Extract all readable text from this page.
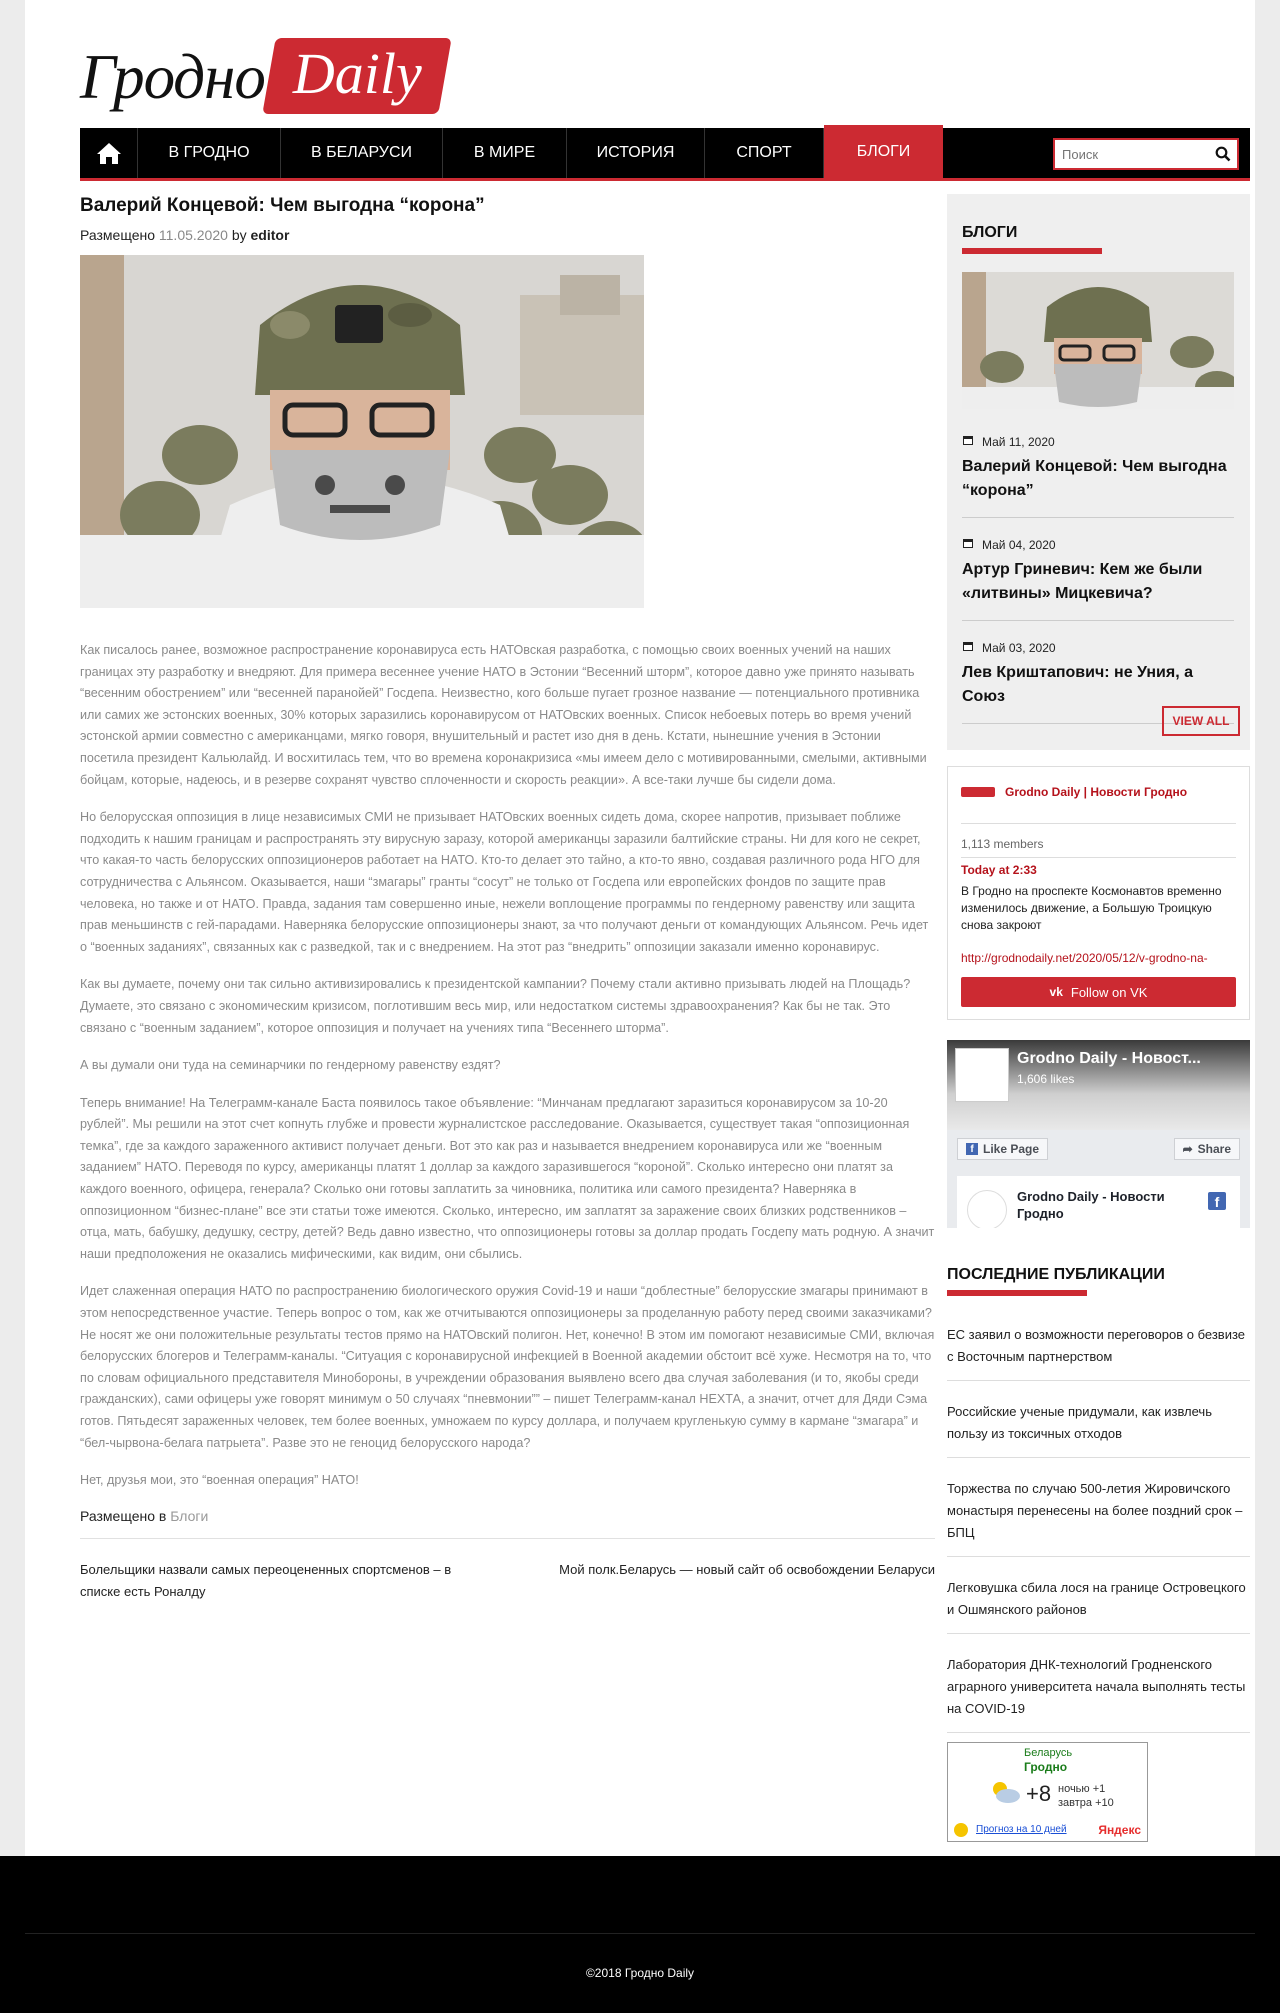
Гродно Daily
В ГРОДНО	В БЕЛАРУСИ	В МИРЕ	ИСТОРИЯ	СПОРТ	БЛОГИ
Поиск
Валерий Концевой: Чем выгодна “корона”
Размещено 11.05.2020 by editor

Как писалось ранее, возможное распространение коронавируса есть НАТОвская разработка, с помощью своих военных учений на наших границах эту разработку и внедряют. Для примера весеннее учение НАТО в Эстонии “Весенний шторм”, которое давно уже принято называть “весенним обострением” или “весенней паранойей” Госдепа. Неизвестно, кого больше пугает грозное название — потенциального противника или самих же эстонских военных, 30% которых заразились коронавирусом от НАТОвских военных. Список небоевых потерь во время учений эстонской армии совместно с американцами, мягко говоря, внушительный и растет изо дня в день. Кстати, нынешние учения в Эстонии посетила президент Кальюлайд. И восхитилась тем, что во времена коронакризиса «мы имеем дело с мотивированными, смелыми, активными бойцам, которые, надеюсь, и в резерве сохранят чувство сплоченности и скорость реакции». А все-таки лучше бы сидели дома.

Но белорусская оппозиция в лице независимых СМИ не призывает НАТОвских военных сидеть дома, скорее напротив, призывает поближе подходить к нашим границам и распространять эту вирусную заразу, которой американцы заразили балтийские страны. Ни для кого не секрет, что какая-то часть белорусских оппозиционеров работает на НАТО. Кто-то делает это тайно, а кто-то явно, создавая различного рода НГО для сотрудничества с Альянсом. Оказывается, наши “змагары” гранты “сосут” не только от Госдепа или европейских фондов по защите прав человека, но также и от НАТО. Правда, задания там совершенно иные, нежели воплощение программы по гендерному равенству или защита прав меньшинств с гей-парадами. Наверняка белорусские оппозиционеры знают, за что получают деньги от командующих Альянсом. Речь идет о “военных заданиях”, связанных как с разведкой, так и с внедрением. На этот раз “внедрить” оппозиции заказали именно коронавирус.

Как вы думаете, почему они так сильно активизировались к президентской кампании? Почему стали активно призывать людей на Площадь? Думаете, это связано с экономическим кризисом, поглотившим весь мир, или недостатком системы здравоохранения? Как бы не так. Это связано с “военным заданием”, которое оппозиция и получает на учениях типа “Весеннего шторма”.

А вы думали они туда на семинарчики по гендерному равенству ездят?

Теперь внимание! На Телеграмм-канале Баста появилось такое объявление: “Минчанам предлагают заразиться коронавирусом за 10-20 рублей”. Мы решили на этот счет копнуть глубже и провести журналистское расследование. Оказывается, существует такая “оппозиционная темка”, где за каждого зараженного активист получает деньги. Вот это как раз и называется внедрением коронавируса или же “военным заданием” НАТО. Переводя по курсу, американцы платят 1 доллар за каждого заразившегося “короной”. Сколько интересно они платят за каждого военного, офицера, генерала? Сколько они готовы заплатить за чиновника, политика или самого президента? Наверняка в оппозиционном “бизнес-плане” все эти статьи тоже имеются. Сколько, интересно, им заплатят за заражение своих близких родственников – отца, мать, бабушку, дедушку, сестру, детей? Ведь давно известно, что оппозиционеры готовы за доллар продать Госдепу мать родную. А значит наши предположения не оказались мифическими, как видим, они сбылись.

Идет слаженная операция НАТО по распространению биологического оружия Covid-19 и наши “доблестные” белорусские змагары принимают в этом непосредственное участие. Теперь вопрос о том, как же отчитываются оппозиционеры за проделанную работу перед своими заказчиками? Не носят же они положительные результаты тестов прямо на НАТОвский полигон. Нет, конечно! В этом им помогают независимые СМИ, включая белорусских блогеров и Телеграмм-каналы. “Ситуация с коронавирусной инфекцией в Военной академии обстоит всё хуже. Несмотря на то, что по словам официального представителя Минобороны, в учреждении образования выявлено всего два случая заболевания (и то, якобы среди гражданских), сами офицеры уже говорят минимум о 50 случаях “пневмонии”” – пишет Телеграмм-канал НЕХТА, а значит, отчет для Дяди Сэма готов. Пятьдесят зараженных человек, тем более военных, умножаем по курсу доллара, и получаем кругленькую сумму в кармане “змагара” и “бел-чырвона-белага патрыета”. Разве это не геноцид белорусского народа?

Нет, друзья мои, это “военная операция” НАТО!

Размещено в Блоги
Болельщики назвали самых переоцененных спортсменов – в списке есть Роналду
Мой полк.Беларусь — новый сайт об освобождении Беларуси
БЛОГИ
Май 11, 2020
Валерий Концевой: Чем выгодна “корона”
Май 04, 2020
Артур Гриневич: Кем же были «литвины» Мицкевича?
Май 03, 2020
Лев Криштапович: не Уния, а Союз
VIEW ALL
Grodno Daily | Новости Гродно
1,113 members
Today at 2:33
В Гродно на проспекте Космонавтов временно изменилось движение, а Большую Троицкую снова закроют
http://grodnodaily.net/2020/05/12/v-grodno-na-
vk Follow on VK
Grodno Daily - Новост...
1,606 likes
f Like Page	➦ Share
Grodno Daily - Новости Гродно
f
ПОСЛЕДНИЕ ПУБЛИКАЦИИ
ЕС заявил о возможности переговоров о безвизе с Восточным партнерством
Российские ученые придумали, как извлечь пользу из токсичных отходов
Торжества по случаю 500-летия Жировичского монастыря перенесены на более поздний срок – БПЦ
Легковушка сбила лося на границе Островецкого и Ошмянского районов
Лаборатория ДНК-технологий Гродненского аграрного университета начала выполнять тесты на COVID-19
Беларусь
Гродно
+8 ночью +1
завтра +10
Прогноз на 10 дней	Яндекс
©2018 Гродно Daily
